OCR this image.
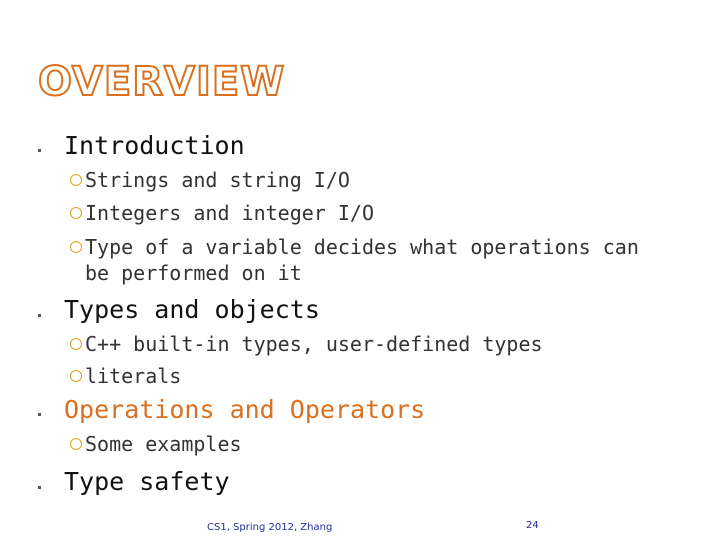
OVERVIEW
Introduction
Strings and string I/O
Integers and integer I/O
Type of a variable decides what operations can
be performed on it
Types and objects
C++ built-in types, user-defined types
literals
Operations and Operators
Some examples
Type safety
CS1, Spring 2012, Zhang	24
